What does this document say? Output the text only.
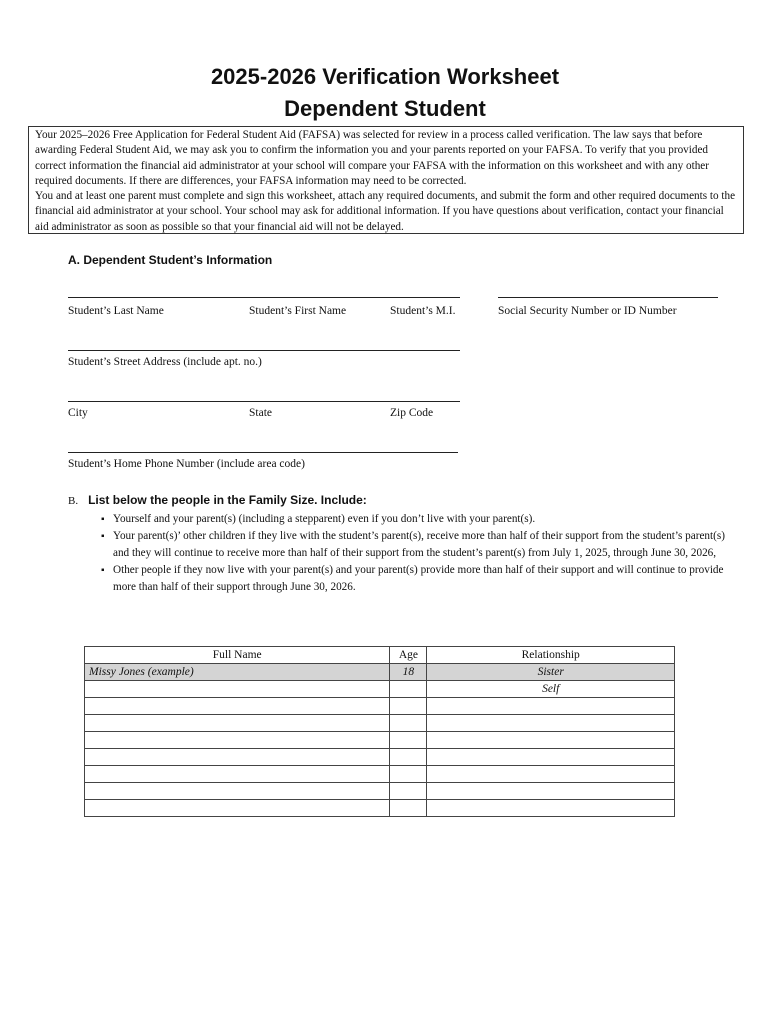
2025-2026 Verification Worksheet
Dependent Student

Your 2025–2026 Free Application for Federal Student Aid (FAFSA) was selected for review in a process called verification. The law says that before awarding Federal Student Aid, we may ask you to confirm the information you and your parents reported on your FAFSA. To verify that you provided correct information the financial aid administrator at your school will compare your FAFSA with the information on this worksheet and with any other required documents. If there are differences, your FAFSA information may need to be corrected.

You and at least one parent must complete and sign this worksheet, attach any required documents, and submit the form and other required documents to the financial aid administrator at your school. Your school may ask for additional information. If you have questions about verification, contact your financial aid administrator as soon as possible so that your financial aid will not be delayed.

A. Dependent Student’s Information
Student’s Last Name	Student’s First Name	Student’s M.I.	Social Security Number or ID Number
Student’s Street Address (include apt. no.)
City	State	Zip Code
Student’s Home Phone Number (include area code)
B. List below the people in the Family Size. Include:
▪ Yourself and your parent(s) (including a stepparent) even if you don’t live with your parent(s).
▪ Your parent(s)’ other children if they live with the student’s parent(s), receive more than half of their support from the student’s parent(s) and they will continue to receive more than half of their support from the student’s parent(s) from July 1, 2025, through June 30, 2026,
▪ Other people if they now live with your parent(s) and your parent(s) provide more than half of their support and will continue to provide more than half of their support through June 30, 2026.
Full Name	Age	Relationship
Missy Jones (example)	18	Sister
		Self
